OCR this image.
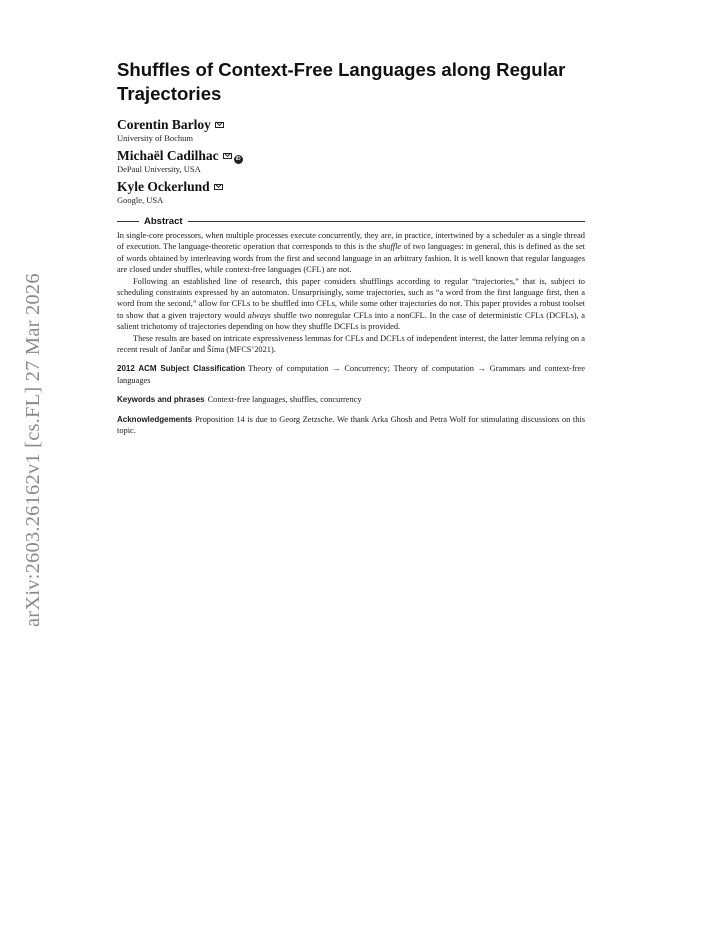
arXiv:2603.26162v1 [cs.FL] 27 Mar 2026
Shuffles of Context-Free Languages along Regular Trajectories
Corentin Barloy
University of Bochum
Michaël Cadilhac	iD
DePaul University, USA
Kyle Ockerlund
Google, USA
Abstract

In single-core processors, when multiple processes execute concurrently, they are, in practice, intertwined by a scheduler as a single thread of execution. The language-theoretic operation that corresponds to this is the shuffle of two languages: in general, this is defined as the set of words obtained by interleaving words from the first and second language in an arbitrary fashion. It is well known that regular languages are closed under shuffles, while context-free languages (CFL) are not.

Following an established line of research, this paper considers shufflings according to regular “trajectories,” that is, subject to scheduling constraints expressed by an automaton. Unsurprisingly, some trajectories, such as “a word from the first language first, then a word from the second,” allow for CFLs to be shuffled into CFLs, while some other trajectories do not. This paper provides a robust toolset to show that a given trajectory would always shuffle two nonregular CFLs into a nonCFL. In the case of deterministic CFLs (DCFLs), a salient trichotomy of trajectories depending on how they shuffle DCFLs is provided.

These results are based on intricate expressiveness lemmas for CFLs and DCFLs of independent interest, the latter lemma relying on a recent result of Jančar and Šíma (MFCS’2021).

2012 ACM Subject Classification Theory of computation → Concurrency; Theory of computation → Grammars and context-free languages
Keywords and phrases Context-free languages, shuffles, concurrency
Acknowledgements Proposition 14 is due to Georg Zetzsche. We thank Arka Ghosh and Petra Wolf for stimulating discussions on this topic.
